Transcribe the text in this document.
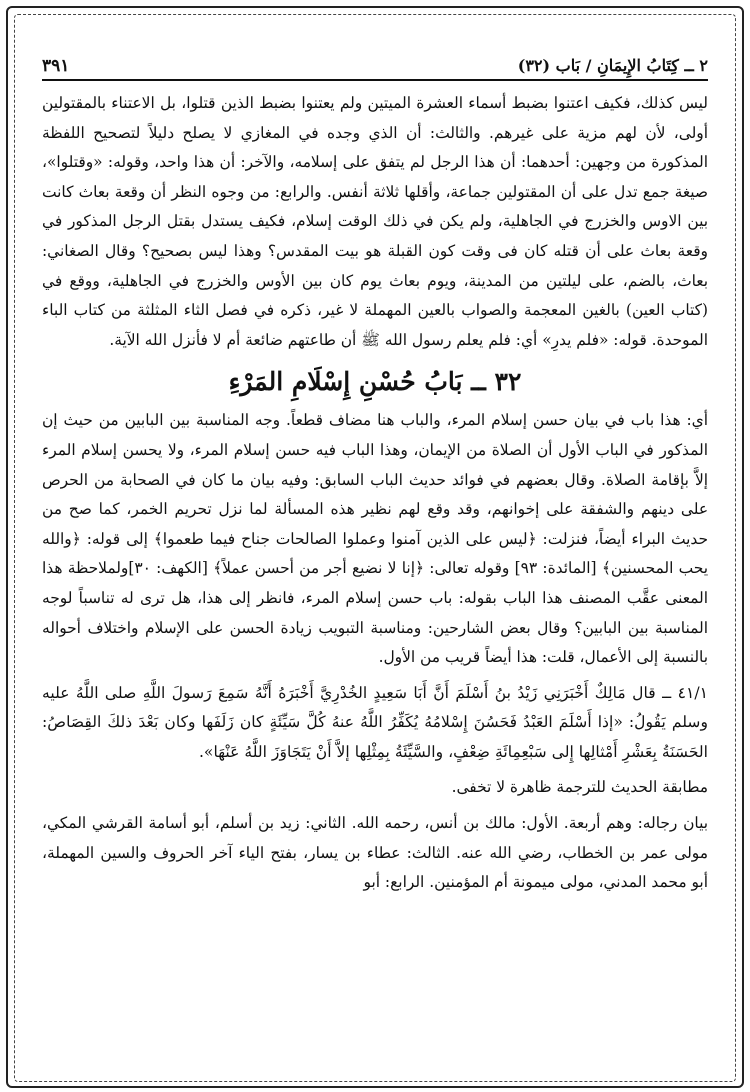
٢ ــ كِتَابُ الإِيمَانِ / بَاب (٣٢)
٣٩١

ليس كذلك، فكيف اعتنوا بضبط أسماء العشرة الميتين ولم يعتنوا بضبط الذين قتلوا، بل الاعتناء بالمقتولين أولى، لأن لهم مزية على غيرهم. والثالث: أن الذي وجده في المغازي لا يصلح دليلاً لتصحيح اللفظة المذكورة من وجهين: أحدهما: أن هذا الرجل لم يتفق على إسلامه، والآخر: أن هذا واحد، وقوله: «وقتلوا»، صيغة جمع تدل على أن المقتولين جماعة، وأقلها ثلاثة أنفس. والرابع: من وجوه النظر أن وقعة بعاث كانت بين الاوس والخزرج في الجاهلية، ولم يكن في ذلك الوقت إسلام، فكيف يستدل بقتل الرجل المذكور في وقعة بعاث على أن قتله كان فى وقت كون القبلة هو بيت المقدس؟ وهذا ليس بصحيح؟ وقال الصغاني: بعاث، بالضم، على ليلتين من المدينة، ويوم بعاث يوم كان بين الأوس والخزرج في الجاهلية، ووقع في (كتاب العين) بالغين المعجمة والصواب بالعين المهملة لا غير، ذكره في فصل الثاء المثلثة من كتاب الباء الموحدة. قوله: «فلم يدرِ» أي: فلم يعلم رسول الله ﷺ أن طاعتهم ضائعة أم لا فأنزل الله الآية.

٣٢ ــ بَابُ حُسْنِ إِسْلَامِ المَرْءِ

أي: هذا باب في بيان حسن إسلام المرء، والباب هنا مضاف قطعاً. وجه المناسبة بين البابين من حيث إن المذكور في الباب الأول أن الصلاة من الإيمان، وهذا الباب فيه حسن إسلام المرء، ولا يحسن إسلام المرء إلاَّ بإقامة الصلاة. وقال بعضهم في فوائد حديث الباب السابق: وفيه بيان ما كان في الصحابة من الحرص على دينهم والشفقة على إخوانهم، وقد وقع لهم نظير هذه المسألة لما نزل تحريم الخمر، كما صح من حديث البراء أيضاً، فنزلت: ﴿ليس على الذين آمنوا وعملوا الصالحات جناح فيما طعموا﴾ إلى قوله: ﴿والله يحب المحسنين﴾ [المائدة: ٩٣] وقوله تعالى: ﴿إنا لا نضيع أجر من أحسن عملاً﴾ [الكهف: ٣٠]ولملاحظة هذا المعنى عقَّب المصنف هذا الباب بقوله: باب حسن إسلام المرء، فانظر إلى هذا، هل ترى له تناسباً لوجه المناسبة بين البابين؟ وقال بعض الشارحين: ومناسبة التبويب زيادة الحسن على الإسلام واختلاف أحواله بالنسبة إلى الأعمال، قلت: هذا أيضاً قريب من الأول.

٤١/١ ــ قال مَالِكٌ أَخْبَرَنِي زَيْدُ بنُ أَسْلَمَ أَنَّ أَبَا سَعِيدٍ الخُدْرِيَّ أَخْبَرَهُ أَنَّهُ سَمِعَ رَسولَ اللَّهِ صلى اللَّهُ عليه وسلم يَقُولُ: «إذا أَسْلَمَ العَبْدُ فَحَسُنَ إِسْلامُهُ يُكَفِّرُ اللَّهُ عنهُ كُلَّ سَيِّئَةٍ كان زَلَفَها وكان بَعْدَ ذلكَ القِصَاصُ: الحَسَنَةُ بِعَشْرِ أَمْثالِها إِلى سَبْعِمِائَةِ ضِعْفٍ، والسَّيِّئَةُ بِمِثْلِها إلاَّ أَنْ يَتَجَاوَزَ اللَّهُ عَنْهَا».

مطابقة الحديث للترجمة ظاهرة لا تخفى.

بيان رجاله: وهم أربعة. الأول: مالك بن أنس، رحمه الله. الثاني: زيد بن أسلم، أبو أسامة القرشي المكي، مولى عمر بن الخطاب، رضي الله عنه. الثالث: عطاء بن يسار، بفتح الياء آخر الحروف والسين المهملة، أبو محمد المدني، مولى ميمونة أم المؤمنين. الرابع: أبو
